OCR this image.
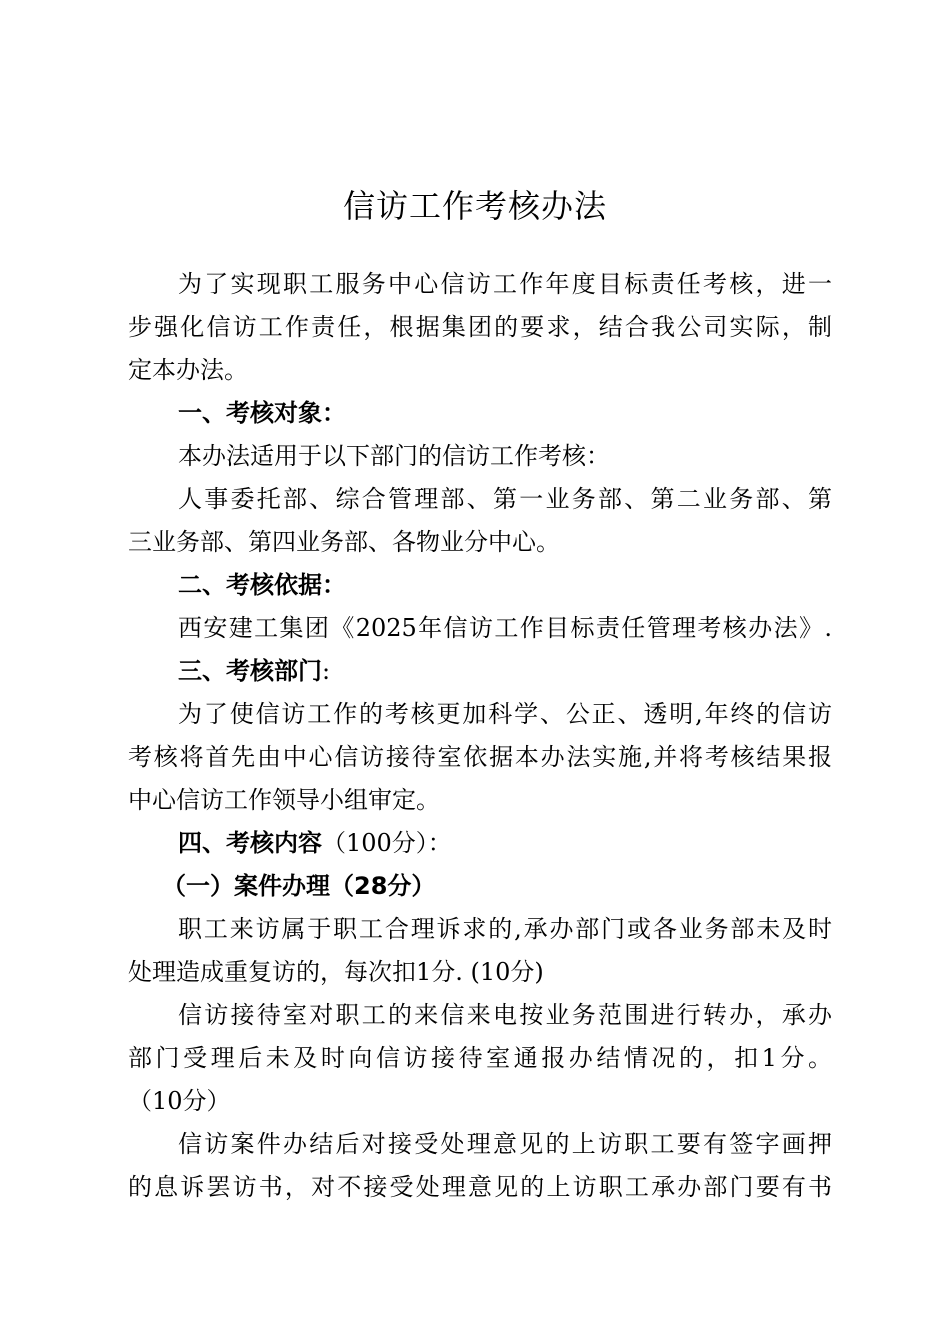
信访工作考核办法
为了实现职工服务中心信访工作年度目标责任考核，进一
步强化信访工作责任，根据集团的要求，结合我公司实际，制
定本办法。
一、考核对象：
本办法适用于以下部门的信访工作考核：
人事委托部、综合管理部、第一业务部、第二业务部、第
三业务部、第四业务部、各物业分中心。
二、考核依据：
西安建工集团《2025年信访工作目标责任管理考核办法》.
三、考核部门:
为了使信访工作的考核更加科学、公正、透明,年终的信访
考核将首先由中心信访接待室依据本办法实施,并将考核结果报
中心信访工作领导小组审定。
四、考核内容（100分）：
（一）案件办理（28分）
职工来访属于职工合理诉求的,承办部门或各业务部未及时
处理造成重复访的，每次扣1分. (10分)
信访接待室对职工的来信来电按业务范围进行转办，承办
部门受理后未及时向信访接待室通报办结情况的，扣1分。
（10分）
信访案件办结后对接受处理意见的上访职工要有签字画押
的息诉罢访书，对不接受处理意见的上访职工承办部门要有书
